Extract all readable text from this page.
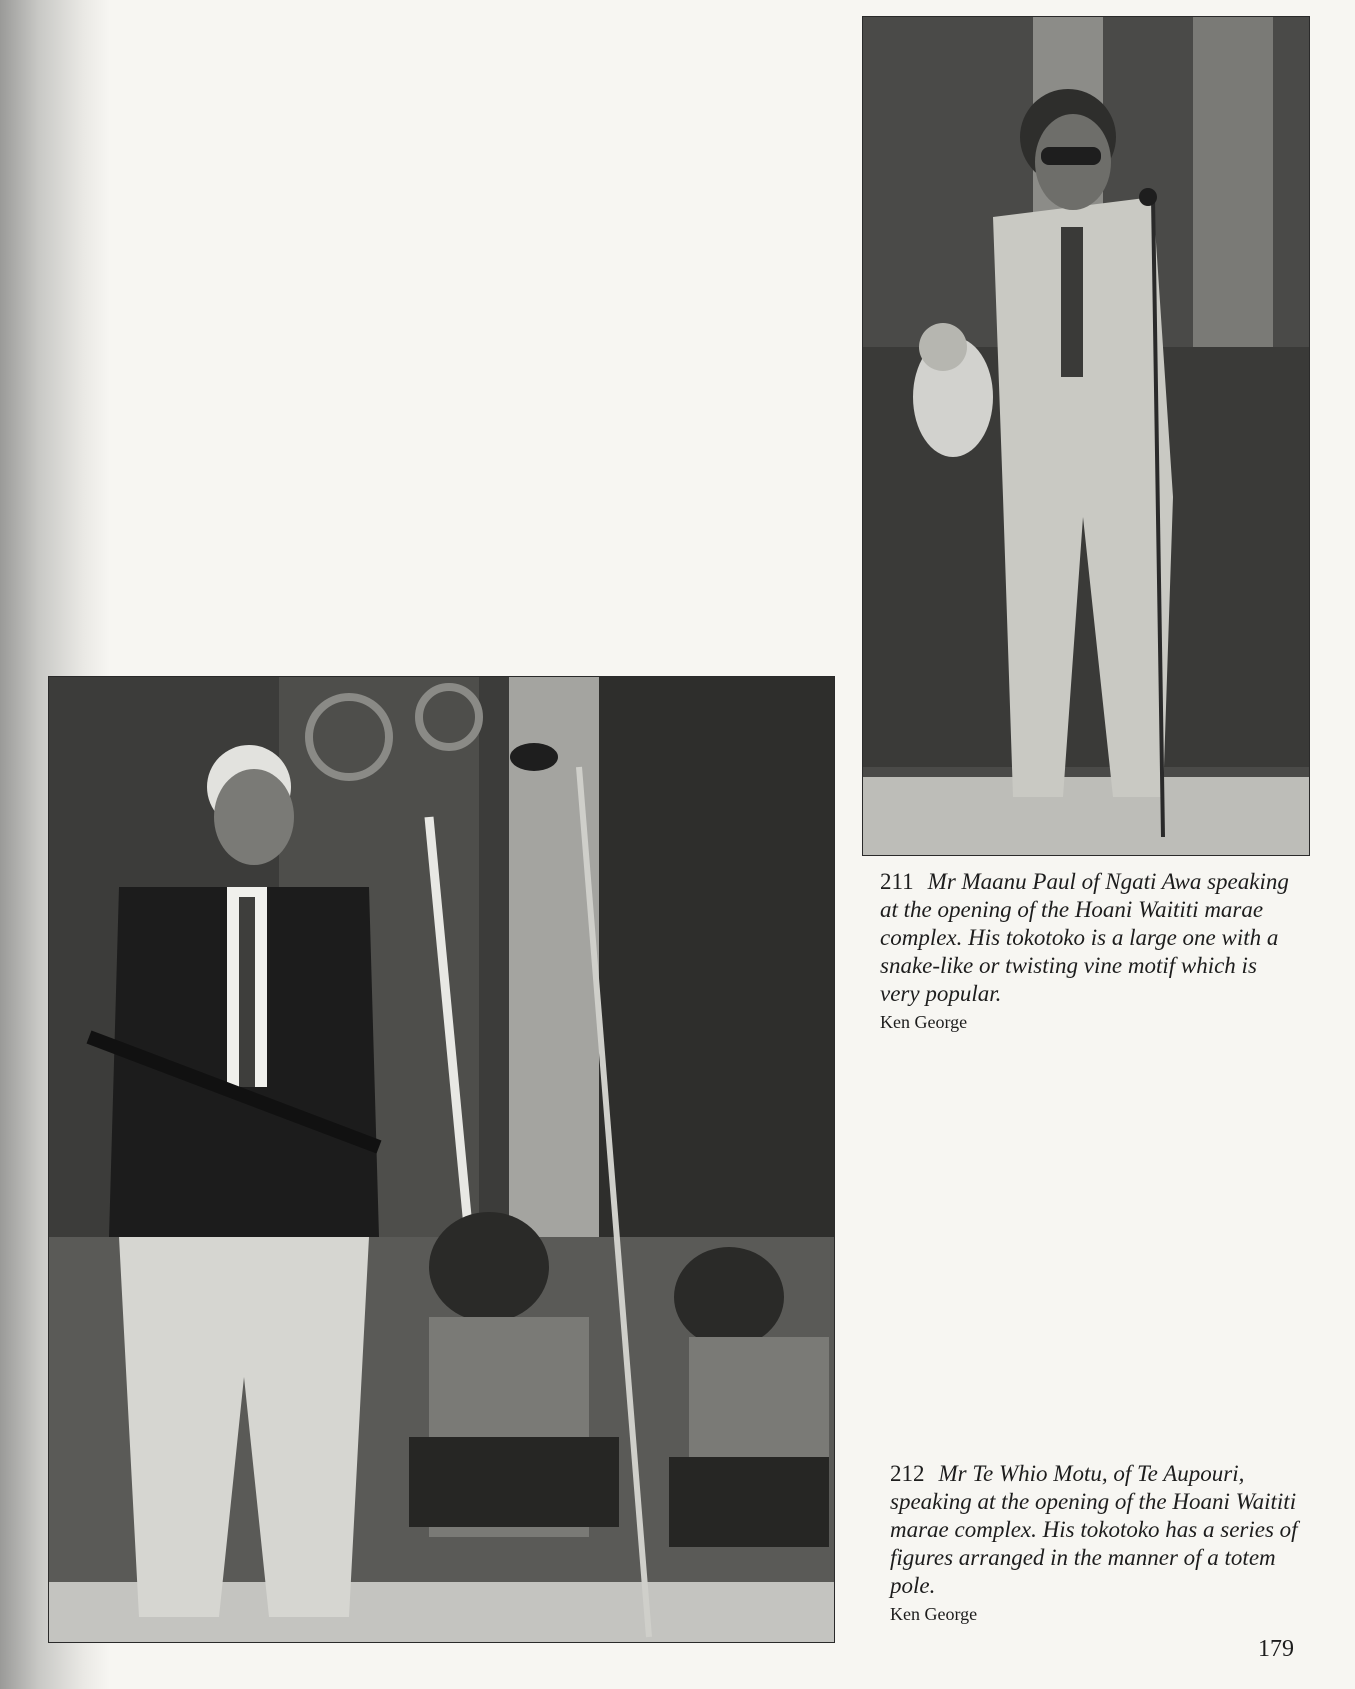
211 Mr Maanu Paul of Ngati Awa speaking at the opening of the Hoani Waititi marae complex. His tokotoko is a large one with a snake-like or twisting vine motif which is very popular.
Ken George
212 Mr Te Whio Motu, of Te Aupouri, speaking at the opening of the Hoani Waititi marae complex. His tokotoko has a series of figures arranged in the manner of a totem pole.
Ken George
179
